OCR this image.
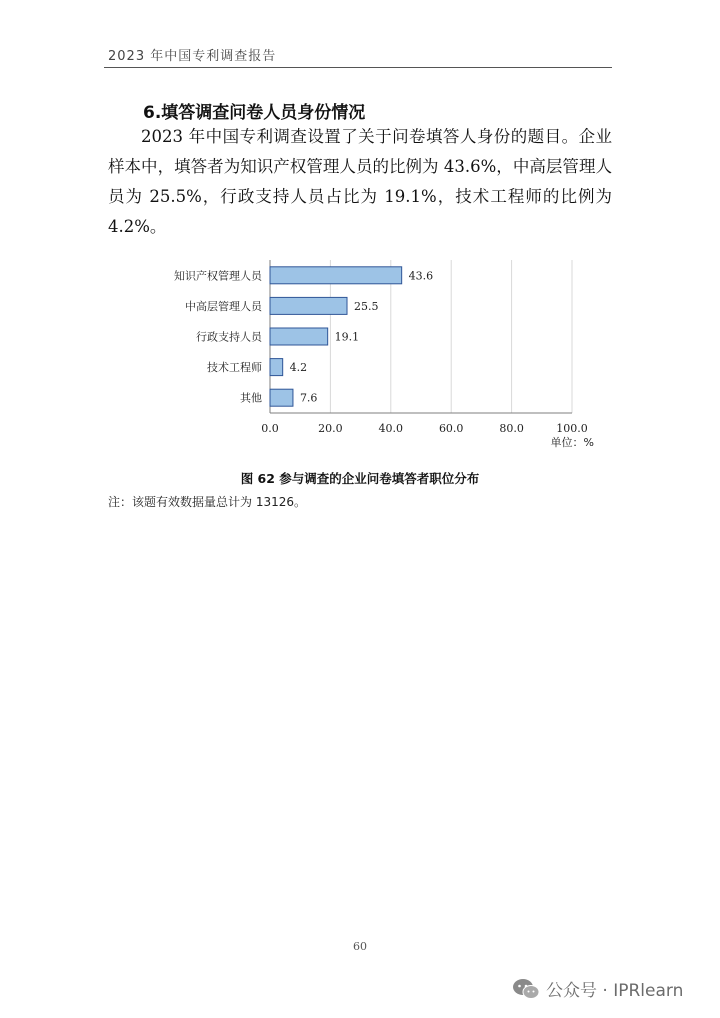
2023 年中国专利调查报告
6.填答调查问卷人员身份情况

2023 年中国专利调查设置了关于问卷填答人身份的题目。企业样本中，填答者为知识产权管理人员的比例为 43.6%，中高层管理人员为 25.5%，行政支持人员占比为 19.1%，技术工程师的比例为 4.2%。

0.0	20.0	40.0	60.0	80.0	100.0
知识产权管理人员	43.6
中高层管理人员	25.5
行政支持人员	19.1
技术工程师	4.2
其他	7.6
单位：%
图 62 参与调查的企业问卷填答者职位分布
注：该题有效数据量总计为 13126。
60
公众号 · IPRlearn
